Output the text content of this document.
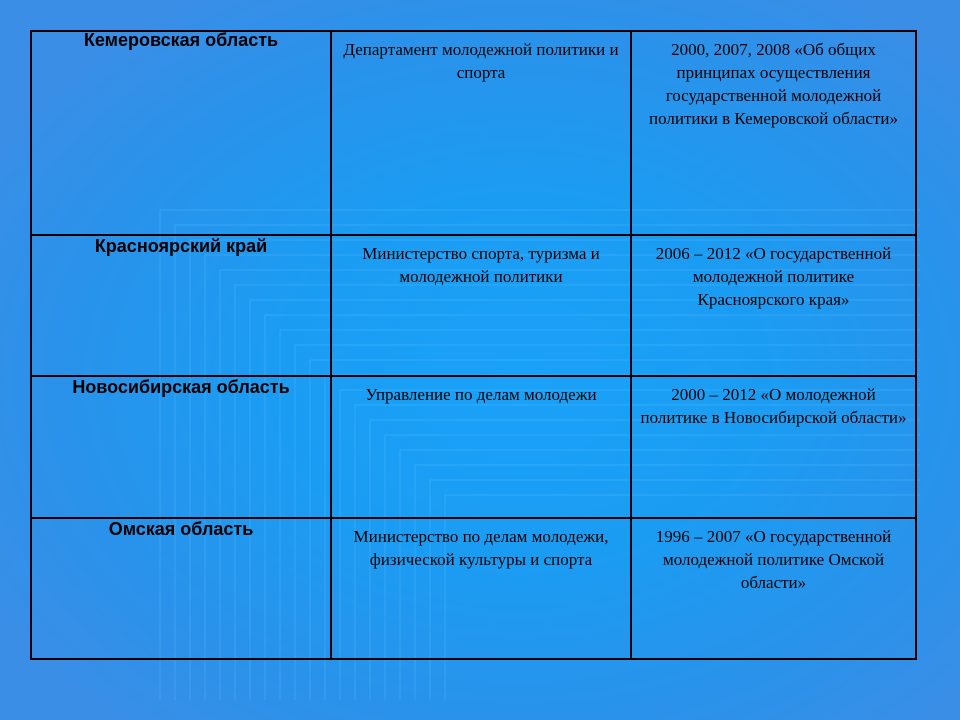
Кемеровская область	Департамент молодежной политики и спорта	2000, 2007, 2008 «Об общих принципах осуществления государственной молодежной политики в Кемеровской области»
Красноярский край	Министерство спорта, туризма и молодежной политики	2006 – 2012 «О государственной молодежной политике Красноярского края»
Новосибирская область	Управление по делам молодежи	2000 – 2012 «О молодежной политике в Новосибирской области»
Омская область	Министерство по делам молодежи, физической культуры и спорта	1996 – 2007 «О государственной молодежной политике Омской области»
